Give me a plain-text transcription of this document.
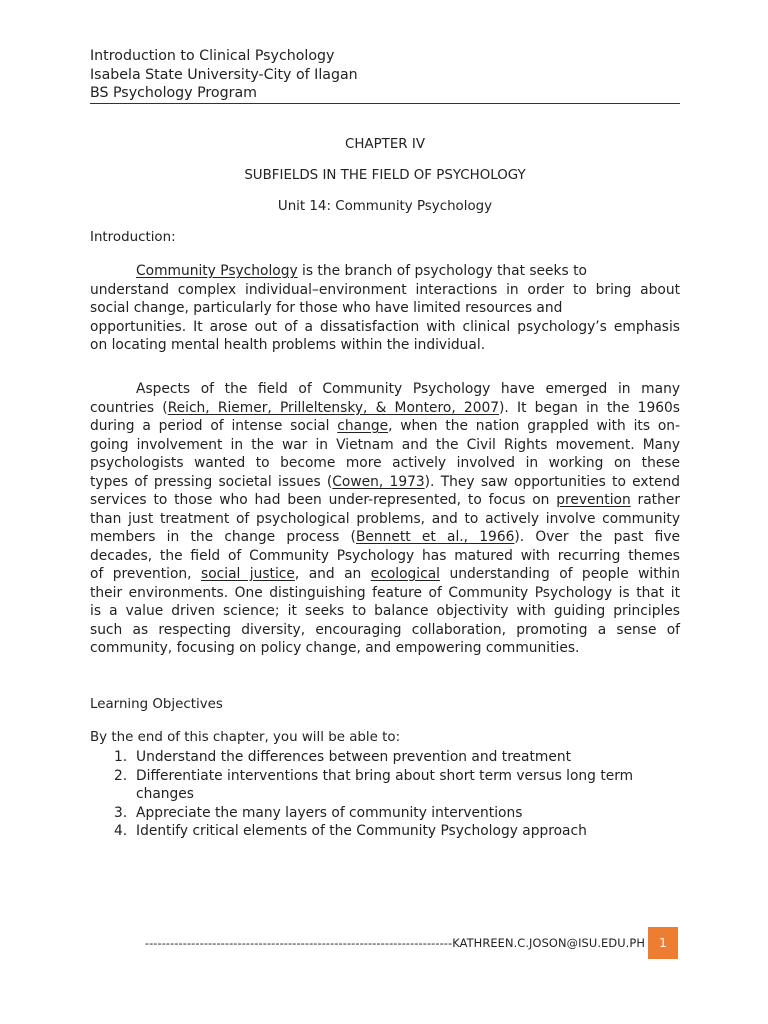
Introduction to Clinical Psychology
Isabela State University-City of Ilagan
BS Psychology Program
CHAPTER IV
SUBFIELDS IN THE FIELD OF PSYCHOLOGY
Unit 14: Community Psychology
Introduction:
Community Psychology is the branch of psychology that seeks to
understand complex individual–environment interactions in order to bring about
social change, particularly for those who have limited resources and
opportunities. It arose out of a dissatisfaction with clinical psychology’s emphasis
on locating mental health problems within the individual.
Aspects of the field of Community Psychology have emerged in many
countries (Reich, Riemer, Prilleltensky, & Montero, 2007). It began in the 1960s
during a period of intense social change, when the nation grappled with its on-
going involvement in the war in Vietnam and the Civil Rights movement. Many
psychologists wanted to become more actively involved in working on these
types of pressing societal issues (Cowen, 1973). They saw opportunities to extend
services to those who had been under-represented, to focus on prevention rather
than just treatment of psychological problems, and to actively involve community
members in the change process (Bennett et al., 1966). Over the past five
decades, the field of Community Psychology has matured with recurring themes
of prevention, social justice, and an ecological understanding of people within
their environments. One distinguishing feature of Community Psychology is that it
is a value driven science; it seeks to balance objectivity with guiding principles
such as respecting diversity, encouraging collaboration, promoting a sense of
community, focusing on policy change, and empowering communities.
Learning Objectives
By the end of this chapter, you will be able to:
1. Understand the differences between prevention and treatment
2. Differentiate interventions that bring about short term versus long term
changes
3. Appreciate the many layers of community interventions
4. Identify critical elements of the Community Psychology approach
-------------------------------------------------------------------------KATHREEN.C.JOSON@ISU.EDU.PH 1
